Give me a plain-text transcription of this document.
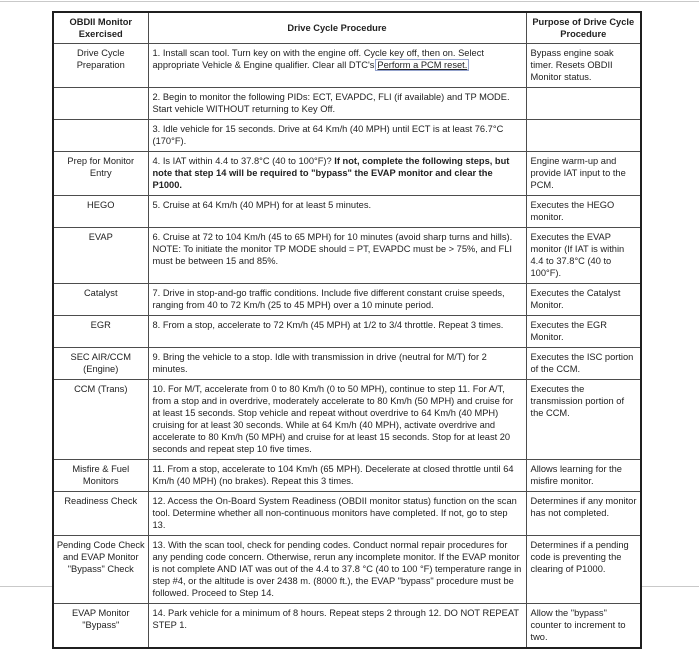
OBDII Monitor Exercised	Drive Cycle Procedure	Purpose of Drive Cycle Procedure
Drive Cycle Preparation	1. Install scan tool. Turn key on with the engine off. Cycle key off, then on. Select appropriate Vehicle & Engine qualifier. Clear all DTC's Perform a PCM reset.	Bypass engine soak timer. Resets OBDII Monitor status.
	2. Begin to monitor the following PIDs: ECT, EVAPDC, FLI (if available) and TP MODE. Start vehicle WITHOUT returning to Key Off.	
	3. Idle vehicle for 15 seconds. Drive at 64 Km/h (40 MPH) until ECT is at least 76.7°C (170°F).	
Prep for Monitor Entry	4. Is IAT within 4.4 to 37.8°C (40 to 100°F)? If not, complete the following steps, but note that step 14 will be required to "bypass" the EVAP monitor and clear the P1000.	Engine warm-up and provide IAT input to the PCM.
HEGO	5. Cruise at 64 Km/h (40 MPH) for at least 5 minutes.	Executes the HEGO monitor.
EVAP	6. Cruise at 72 to 104 Km/h (45 to 65 MPH) for 10 minutes (avoid sharp turns and hills). NOTE: To initiate the monitor TP MODE should = PT, EVAPDC must be > 75%, and FLI must be between 15 and 85%.	Executes the EVAP monitor (If IAT is within 4.4 to 37.8°C (40 to 100°F).
Catalyst	7. Drive in stop-and-go traffic conditions. Include five different constant cruise speeds, ranging from 40 to 72 Km/h (25 to 45 MPH) over a 10 minute period.	Executes the Catalyst Monitor.
EGR	8. From a stop, accelerate to 72 Km/h (45 MPH) at 1/2 to 3/4 throttle. Repeat 3 times.	Executes the EGR Monitor.
SEC AIR/CCM (Engine)	9. Bring the vehicle to a stop. Idle with transmission in drive (neutral for M/T) for 2 minutes.	Executes the ISC portion of the CCM.
CCM (Trans)	10. For M/T, accelerate from 0 to 80 Km/h (0 to 50 MPH), continue to step 11. For A/T, from a stop and in overdrive, moderately accelerate to 80 Km/h (50 MPH) and cruise for at least 15 seconds. Stop vehicle and repeat without overdrive to 64 Km/h (40 MPH) cruising for at least 30 seconds. While at 64 Km/h (40 MPH), activate overdrive and accelerate to 80 Km/h (50 MPH) and cruise for at least 15 seconds. Stop for at least 20 seconds and repeat step 10 five times.	Executes the transmission portion of the CCM.
Misfire & Fuel Monitors	11. From a stop, accelerate to 104 Km/h (65 MPH). Decelerate at closed throttle until 64 Km/h (40 MPH) (no brakes). Repeat this 3 times.	Allows learning for the misfire monitor.
Readiness Check	12. Access the On-Board System Readiness (OBDII monitor status) function on the scan tool. Determine whether all non-continuous monitors have completed. If not, go to step 13.	Determines if any monitor has not completed.
Pending Code Check and EVAP Monitor "Bypass" Check	13. With the scan tool, check for pending codes. Conduct normal repair procedures for any pending code concern. Otherwise, rerun any incomplete monitor. If the EVAP monitor is not complete AND IAT was out of the 4.4 to 37.8 °C (40 to 100 °F) temperature range in step #4, or the altitude is over 2438 m. (8000 ft.), the EVAP "bypass" procedure must be followed. Proceed to Step 14.	Determines if a pending code is preventing the clearing of P1000.
EVAP Monitor "Bypass"	14. Park vehicle for a minimum of 8 hours. Repeat steps 2 through 12. DO NOT REPEAT STEP 1.	Allow the "bypass" counter to increment to two.
